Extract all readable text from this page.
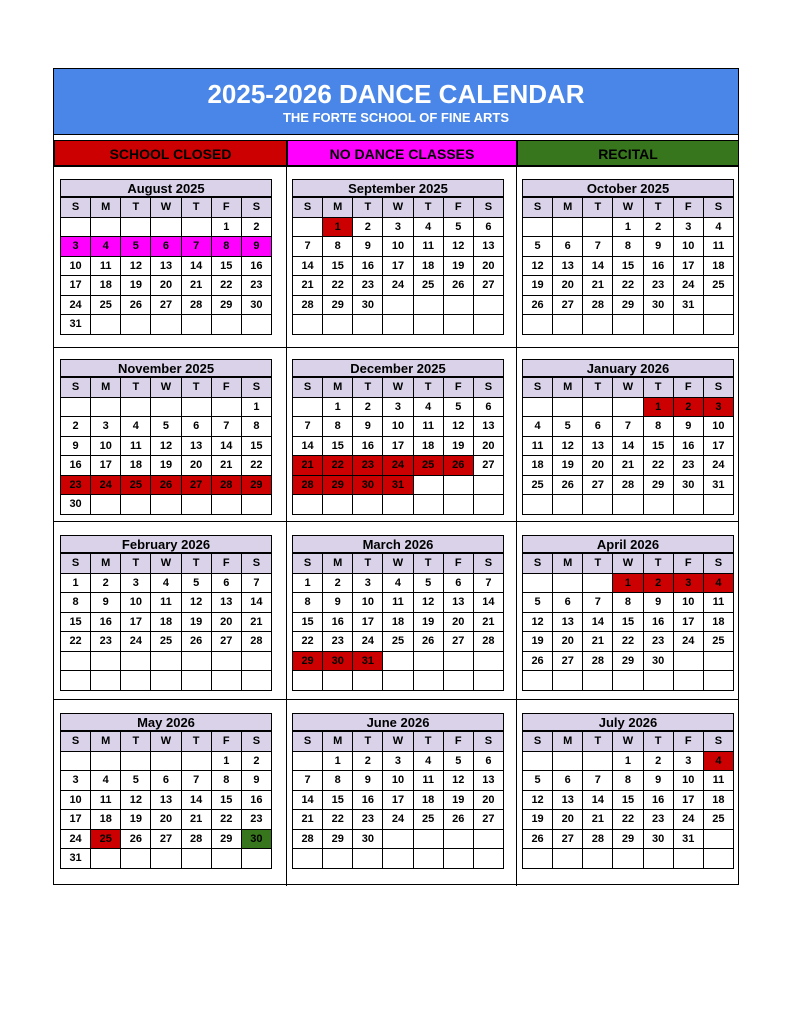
2025-2026 DANCE CALENDAR
THE FORTE SCHOOL OF FINE ARTS
SCHOOL CLOSED	NO DANCE CLASSES	RECITAL
August 2025
S	M	T	W	T	F	S
					1	2
3	4	5	6	7	8	9
10	11	12	13	14	15	16
17	18	19	20	21	22	23
24	25	26	27	28	29	30
31						
September 2025
S	M	T	W	T	F	S
	1	2	3	4	5	6
7	8	9	10	11	12	13
14	15	16	17	18	19	20
21	22	23	24	25	26	27
28	29	30				

October 2025
S	M	T	W	T	F	S
			1	2	3	4
5	6	7	8	9	10	11
12	13	14	15	16	17	18
19	20	21	22	23	24	25
26	27	28	29	30	31	

November 2025
S	M	T	W	T	F	S
						1
2	3	4	5	6	7	8
9	10	11	12	13	14	15
16	17	18	19	20	21	22
23	24	25	26	27	28	29
30						
December 2025
S	M	T	W	T	F	S
	1	2	3	4	5	6
7	8	9	10	11	12	13
14	15	16	17	18	19	20
21	22	23	24	25	26	27
28	29	30	31			

January 2026
S	M	T	W	T	F	S
				1	2	3
4	5	6	7	8	9	10
11	12	13	14	15	16	17
18	19	20	21	22	23	24
25	26	27	28	29	30	31

February 2026
S	M	T	W	T	F	S
1	2	3	4	5	6	7
8	9	10	11	12	13	14
15	16	17	18	19	20	21
22	23	24	25	26	27	28

March 2026
S	M	T	W	T	F	S
1	2	3	4	5	6	7
8	9	10	11	12	13	14
15	16	17	18	19	20	21
22	23	24	25	26	27	28
29	30	31				

April 2026
S	M	T	W	T	F	S
			1	2	3	4
5	6	7	8	9	10	11
12	13	14	15	16	17	18
19	20	21	22	23	24	25
26	27	28	29	30		

May 2026
S	M	T	W	T	F	S
					1	2
3	4	5	6	7	8	9
10	11	12	13	14	15	16
17	18	19	20	21	22	23
24	25	26	27	28	29	30
31						
June 2026
S	M	T	W	T	F	S
	1	2	3	4	5	6
7	8	9	10	11	12	13
14	15	16	17	18	19	20
21	22	23	24	25	26	27
28	29	30				

July 2026
S	M	T	W	T	F	S
			1	2	3	4
5	6	7	8	9	10	11
12	13	14	15	16	17	18
19	20	21	22	23	24	25
26	27	28	29	30	31	
